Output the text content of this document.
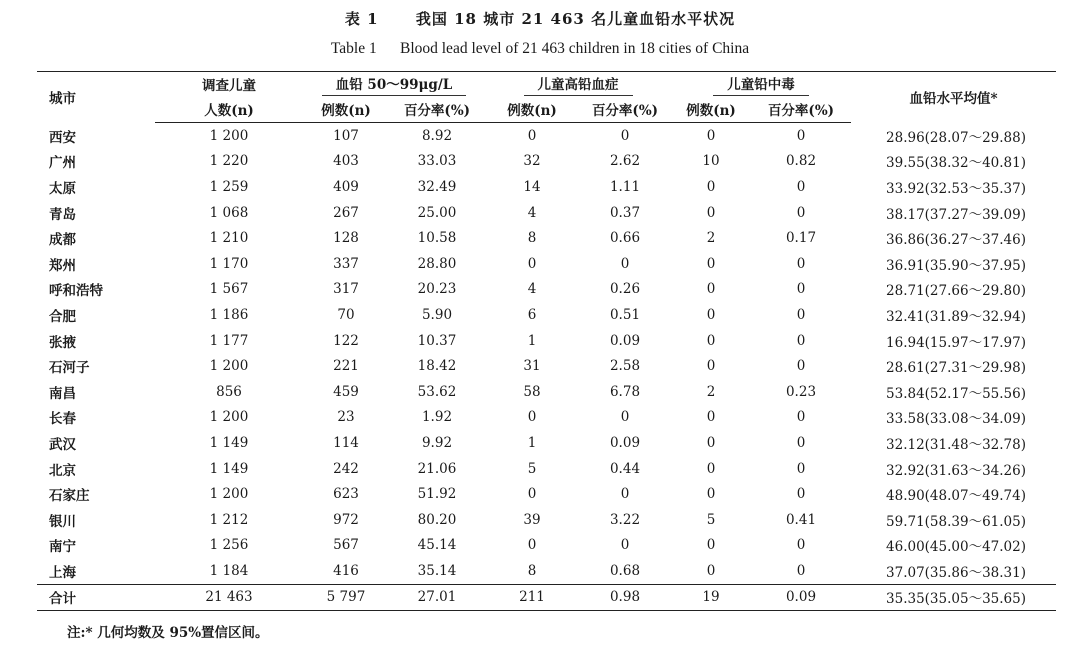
表 1      我国 18 城市 21 463 名儿童血铅水平状况
Table 1      Blood lead level of 21 463 children in 18 cities of China
城市	调查儿童	血铅 50～99μg/L		儿童高铅血症		儿童铅中毒		血铅水平均值*
	人数(n)	例数(n)	百分率(%)	例数(n)	百分率(%)	例数(n)	百分率(%)	
西安	1 200	107	8.92	0	0	0	0	28.96(28.07～29.88)
广州	1 220	403	33.03	32	2.62	10	0.82	39.55(38.32～40.81)
太原	1 259	409	32.49	14	1.11	0	0	33.92(32.53～35.37)
青岛	1 068	267	25.00	4	0.37	0	0	38.17(37.27～39.09)
成都	1 210	128	10.58	8	0.66	2	0.17	36.86(36.27～37.46)
郑州	1 170	337	28.80	0	0	0	0	36.91(35.90～37.95)
呼和浩特	1 567	317	20.23	4	0.26	0	0	28.71(27.66～29.80)
合肥	1 186	70	5.90	6	0.51	0	0	32.41(31.89～32.94)
张掖	1 177	122	10.37	1	0.09	0	0	16.94(15.97～17.97)
石河子	1 200	221	18.42	31	2.58	0	0	28.61(27.31～29.98)
南昌	856	459	53.62	58	6.78	2	0.23	53.84(52.17～55.56)
长春	1 200	23	1.92	0	0	0	0	33.58(33.08～34.09)
武汉	1 149	114	9.92	1	0.09	0	0	32.12(31.48～32.78)
北京	1 149	242	21.06	5	0.44	0	0	32.92(31.63～34.26)
石家庄	1 200	623	51.92	0	0	0	0	48.90(48.07～49.74)
银川	1 212	972	80.20	39	3.22	5	0.41	59.71(58.39～61.05)
南宁	1 256	567	45.14	0	0	0	0	46.00(45.00～47.02)
上海	1 184	416	35.14	8	0.68	0	0	37.07(35.86～38.31)
合计	21 463	5 797	27.01	211	0.98	19	0.09	35.35(35.05～35.65)
注:* 几何均数及 95%置信区间。
